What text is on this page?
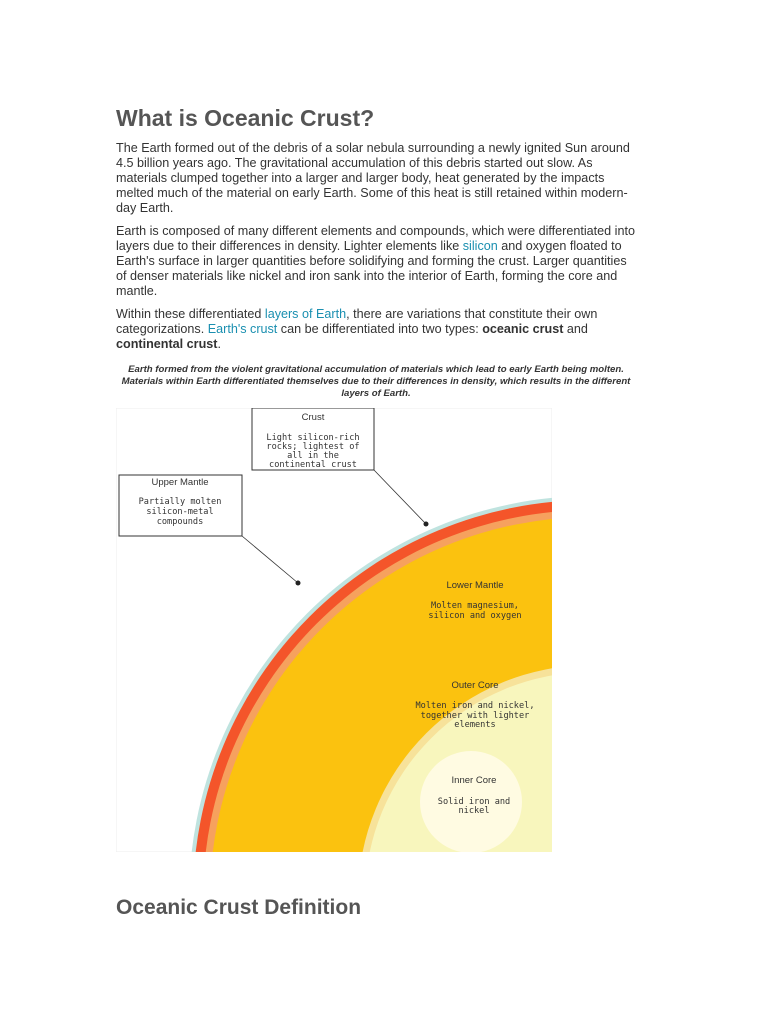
What is Oceanic Crust?

The Earth formed out of the debris of a solar nebula surrounding a newly ignited Sun around 4.5 billion years ago. The gravitational accumulation of this debris started out slow. As materials clumped together into a larger and larger body, heat generated by the impacts melted much of the material on early Earth. Some of this heat is still retained within modern-day Earth.

Earth is composed of many different elements and compounds, which were differentiated into layers due to their differences in density. Lighter elements like silicon and oxygen floated to Earth's surface in larger quantities before solidifying and forming the crust. Larger quantities of denser materials like nickel and iron sank into the interior of Earth, forming the core and mantle.

Within these differentiated layers of Earth, there are variations that constitute their own categorizations. Earth's crust can be differentiated into two types: oceanic crust and continental crust.

Earth formed from the violent gravitational accumulation of materials which lead to early Earth being molten. Materials within Earth differentiated themselves due to their differences in density, which results in the different layers of Earth.
Crust
Light silicon-rich
rocks; lightest of
all in the
continental crust
Upper Mantle
Partially molten
silicon-metal
compounds
Lower Mantle
Molten magnesium,
silicon and oxygen
Outer Core
Molten iron and nickel,
together with lighter
elements
Inner Core
Solid iron and
nickel
Oceanic Crust Definition
